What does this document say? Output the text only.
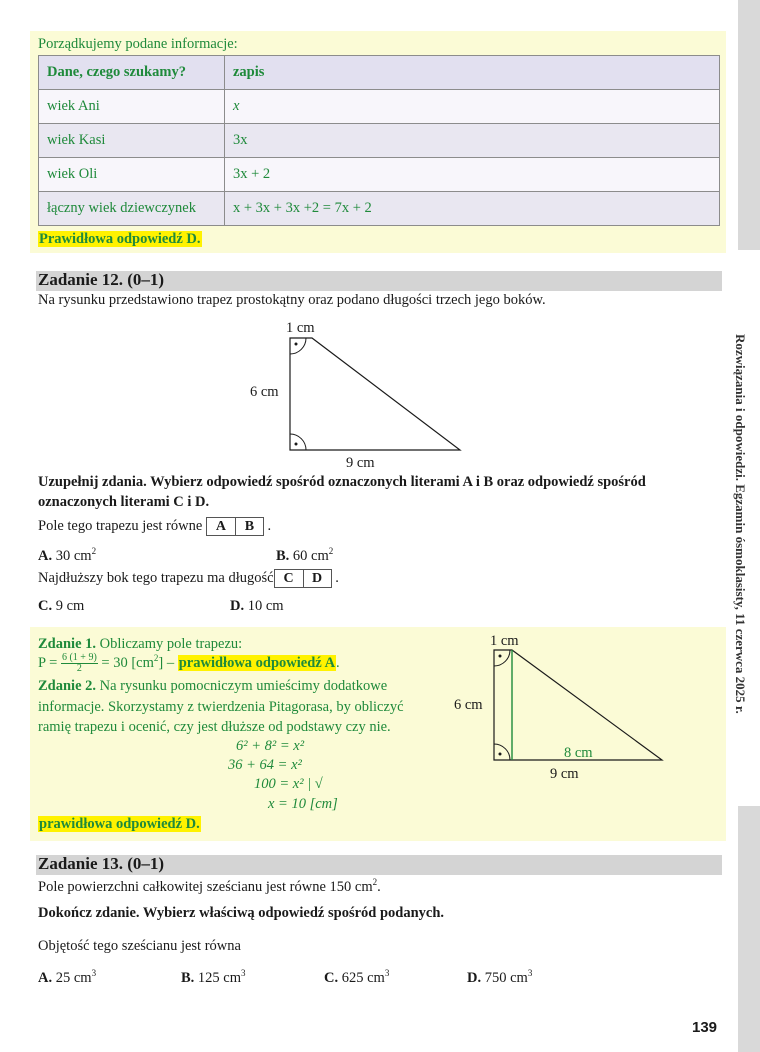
Rozwiązania i odpowiedzi. Egzamin ósmoklasisty, 11 czerwca 2025 r.
Porządkujemy podane informacje:
Dane, czego szukamy?	zapis
wiek Ani	x
wiek Kasi	3x
wiek Oli	3x + 2
łączny wiek dziewczynek	x + 3x + 3x +2 = 7x + 2
Prawidłowa odpowiedź D.
Zadanie 12. (0–1)
Na rysunku przedstawiono trapez prostokątny oraz podano długości trzech jego boków.
1 cm
6 cm
9 cm
Uzupełnij zdania. Wybierz odpowiedź spośród oznaczonych literami A i B oraz odpowiedź spośród
oznaczonych literami C i D.
Pole tego trapezu jest równe A B .
A. 30 $cm^2$	B. 60 $cm^2$
Najdłuższy bok tego trapezu ma długość C D .
C. 9 cm	D. 10 cm
Zdanie 1. Obliczamy pole trapezu:
$P = \frac{6 (1 + 9)}{2} = 30$ $[cm^2]$ – prawidłowa odpowiedź A.
Zdanie 2. Na rysunku pomocniczym umieścimy dodatkowe
informacje. Skorzystamy z twierdzenia Pitagorasa, by obliczyć
ramię trapezu i ocenić, czy jest dłuższe od podstawy czy nie.
6² + 8² = x²
36 + 64 = x²
100 = x² | √
x = 10 [cm]
prawidłowa odpowiedź D.
1 cm
6 cm
8 cm
9 cm
Zadanie 13. (0–1)
Pole powierzchni całkowitej sześcianu jest równe 150 $cm^2$.
Dokończ zdanie. Wybierz właściwą odpowiedź spośród podanych.
Objętość tego sześcianu jest równa
A. 25 $cm^3$	B. 125 $cm^3$	C. 625 $cm^3$	D. 750 $cm^3$
139
